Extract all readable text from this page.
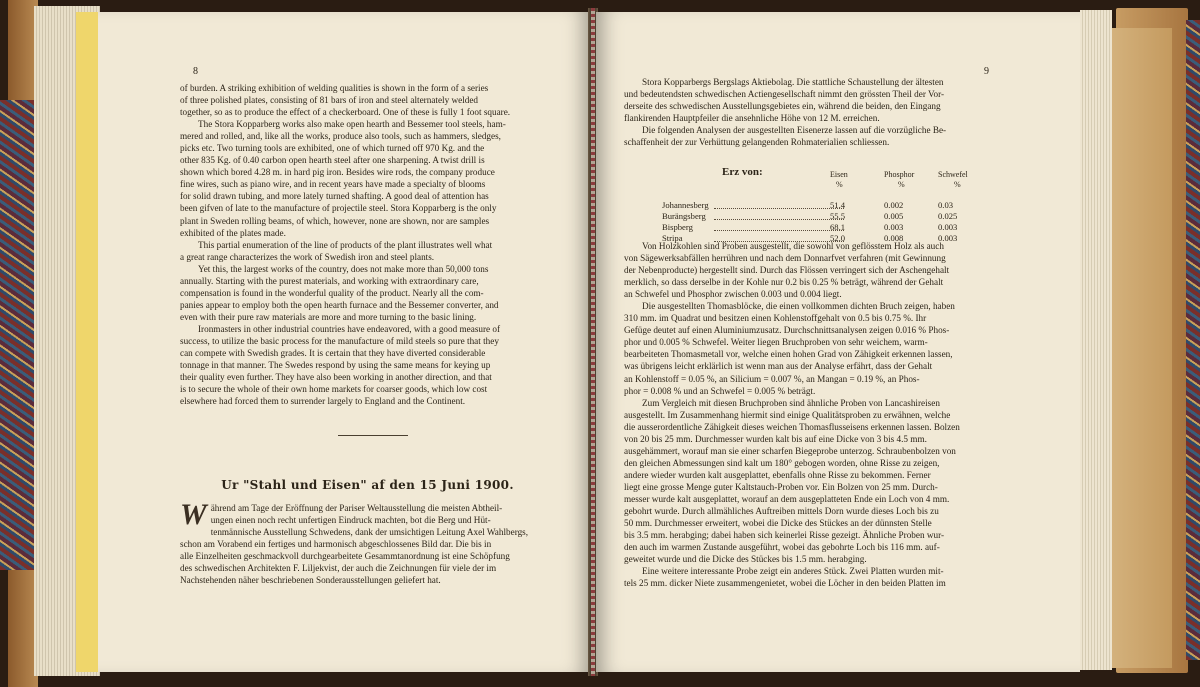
8
of burden. A striking exhibition of welding qualities is shown in the form of a series
of three polished plates, consisting of 81 bars of iron and steel alternately welded
together, so as to produce the effect of a checkerboard. One of these is fully 1 foot square.
The Stora Kopparberg works also make open hearth and Bessemer tool steels, ham-
mered and rolled, and, like all the works, produce also tools, such as hammers, sledges,
picks etc. Two turning tools are exhibited, one of which turned off 970 Kg. and the
other 835 Kg. of 0.40 carbon open hearth steel after one sharpening. A twist drill is
shown which bored 4.28 m. in hard pig iron. Besides wire rods, the company produce
fine wires, such as piano wire, and in recent years have made a specialty of blooms
for solid drawn tubing, and more lately turned shafting. A good deal of attention has
been gifven of late to the manufacture of projectile steel. Stora Kopparberg is the only
plant in Sweden rolling beams, of which, however, none are shown, nor are samples
exhibited of the plates made.
This partial enumeration of the line of products of the plant illustrates well what
a great range characterizes the work of Swedish iron and steel plants.
Yet this, the largest works of the country, does not make more than 50,000 tons
annually. Starting with the purest materials, and working with extraordinary care,
compensation is found in the wonderful quality of the product. Nearly all the com-
panies appear to employ both the open hearth furnace and the Bessemer converter, and
even with their pure raw materials are more and more turning to the basic lining.
Ironmasters in other industrial countries have endeavored, with a good measure of
success, to utilize the basic process for the manufacture of mild steels so pure that they
can compete with Swedish grades. It is certain that they have diverted considerable
tonnage in that manner. The Swedes respond by using the same means for keying up
their quality even further. They have also been working in another direction, and that
is to secure the whole of their own home markets for coarser goods, which low cost
elsewhere had forced them to surrender largely to England and the Continent.
Ur "Stahl und Eisen" af den 15 Juni 1900.
W ährend am Tage der Eröffnung der Pariser Weltausstellung die meisten Abtheil-
ungen einen noch recht unfertigen Eindruck machten, bot die Berg und Hüt-
tenmännische Ausstellung Schwedens, dank der umsichtigen Leitung Axel Wahlbergs,
schon am Vorabend ein fertiges und harmonisch abgeschlossenes Bild dar. Die bis in
alle Einzelheiten geschmackvoll durchgearbeitete Gesammtanordnung ist eine Schöpfung
des schwedischen Architekten F. Liljekvist, der auch die Zeichnungen für viele der im
Nachstehenden näher beschriebenen Sonderausstellungen geliefert hat.
9
Stora Kopparbergs Bergslags Aktiebolag. Die stattliche Schaustellung der ältesten
und bedeutendsten schwedischen Actiengesellschaft nimmt den grössten Theil der Vor-
derseite des schwedischen Ausstellungsgebietes ein, während die beiden, den Eingang
flankirenden Hauptpfeiler die ansehnliche Höhe von 12 M. erreichen.
Die folgenden Analysen der ausgestellten Eisenerze lassen auf die vorzügliche Be-
schaffenheit der zur Verhüttung gelangenden Rohmaterialien schliessen.
Erz von:	Eisen	Phosphor	Schwefel
%	%	%
Johannesberg	51.4	0.002	0.03
Burängsberg	55.5	0.005	0.025
Bispberg	68.1	0.003	0.003
Stripa	52.0	0.008	0.003
Von Holzkohlen sind Proben ausgestellt, die sowohl von geflösstem Holz als auch
von Sägewerksabfällen herrühren und nach dem Donnarfvet verfahren (mit Gewinnung
der Nebenproducte) hergestellt sind. Durch das Flössen verringert sich der Aschengehalt
merklich, so dass derselbe in der Kohle nur 0.2 bis 0.25 % beträgt, während der Gehalt
an Schwefel und Phosphor zwischen 0.003 und 0.004 liegt.
Die ausgestellten Thomasblöcke, die einen vollkommen dichten Bruch zeigen, haben
310 mm. im Quadrat und besitzen einen Kohlenstoffgehalt von 0.5 bis 0.75 %. Ihr
Gefüge deutet auf einen Aluminiumzusatz. Durchschnittsanalysen zeigen 0.016 % Phos-
phor und 0.005 % Schwefel. Weiter liegen Bruchproben von sehr weichem, warm-
bearbeiteten Thomasmetall vor, welche einen hohen Grad von Zähigkeit erkennen lassen,
was übrigens leicht erklärlich ist wenn man aus der Analyse erfährt, dass der Gehalt
an Kohlenstoff = 0.05 %, an Silicium = 0.007 %, an Mangan = 0.19 %, an Phos-
phor = 0.008 % und an Schwefel = 0.005 % beträgt.
Zum Vergleich mit diesen Bruchproben sind ähnliche Proben von Lancashireisen
ausgestellt. Im Zusammenhang hiermit sind einige Qualitätsproben zu erwähnen, welche
die ausserordentliche Zähigkeit dieses weichen Thomasflusseisens erkennen lassen. Bolzen
von 20 bis 25 mm. Durchmesser wurden kalt bis auf eine Dicke von 3 bis 4.5 mm.
ausgehämmert, worauf man sie einer scharfen Biegeprobe unterzog. Schraubenbolzen von
den gleichen Abmessungen sind kalt um 180° gebogen worden, ohne Risse zu zeigen,
andere wieder wurden kalt ausgeplattet, ebenfalls ohne Risse zu bekommen. Ferner
liegt eine grosse Menge guter Kaltstauch-Proben vor. Ein Bolzen von 25 mm. Durch-
messer wurde kalt ausgeplattet, worauf an dem ausgeplatteten Ende ein Loch von 4 mm.
gebohrt wurde. Durch allmähliches Auftreiben mittels Dorn wurde dieses Loch bis zu
50 mm. Durchmesser erweitert, wobei die Dicke des Stückes an der dünnsten Stelle
bis 3.5 mm. herabging; dabei haben sich keinerlei Risse gezeigt. Ähnliche Proben wur-
den auch im warmen Zustande ausgeführt, wobei das gebohrte Loch bis 116 mm. auf-
geweitet wurde und die Dicke des Stückes bis 1.5 mm. herabging.
Eine weitere interessante Probe zeigt ein anderes Stück. Zwei Platten wurden mit-
tels 25 mm. dicker Niete zusammengenietet, wobei die Löcher in den beiden Platten im
